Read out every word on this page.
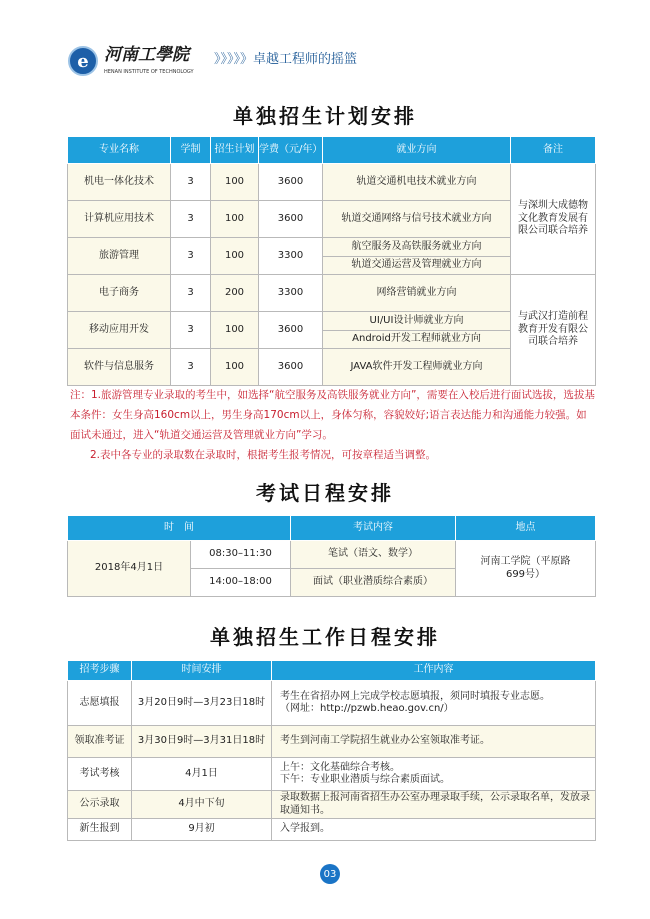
e 河南工學院
HENAN INSTITUTE OF TECHNOLOGY
》》》》》卓越工程师的摇篮
单独招生计划安排
专业名称	学制	招生计划	学费（元/年）	就业方向	备注
机电一体化技术	3	100	3600	轨道交通机电技术就业方向	与深圳大成德物文化教育发展有限公司联合培养
计算机应用技术	3	100	3600	轨道交通网络与信号技术就业方向	
旅游管理	3	100	3300	航空服务及高铁服务就业方向	
				轨道交通运营及管理就业方向	
电子商务	3	200	3300	网络营销就业方向	与武汉打造前程教育开发有限公司联合培养
移动应用开发	3	100	3600	UI/UI设计师就业方向	
				Android开发工程师就业方向	
软件与信息服务	3	100	3600	JAVA软件开发工程师就业方向	
注：1.旅游管理专业录取的考生中，如选择“航空服务及高铁服务就业方向”，需要在入校后进行面试选拔，选拔基本条件：女生身高160cm以上，男生身高170cm以上，身体匀称，容貌姣好;语言表达能力和沟通能力较强。如面试未通过，进入“轨道交通运营及管理就业方向”学习。
2.表中各专业的录取数在录取时，根据考生报考情况，可按章程适当调整。
考试日程安排
时　间		考试内容	地点
2018年4月1日	08:30–11:30	笔试（语文、数学）	河南工学院（平原路699号）
	14:00–18:00	面试（职业潜质综合素质）	
单独招生工作日程安排
招考步骤	时间安排	工作内容
志愿填报	3月20日9时—3月23日18时	考生在省招办网上完成学校志愿填报，须同时填报专业志愿。
（网址：http://pzwb.heao.gov.cn/）

领取准考证	3月30日9时—3月31日18时	考生到河南工学院招生就业办公室领取准考证。

考试考核	4月1日	上午：文化基础综合考核。
下午：专业职业潜质与综合素质面试。

公示录取	4月中下旬	录取数据上报河南省招生办公室办理录取手续，公示录取名单，发放录取通知书。

新生报到	9月初	入学报到。
03
